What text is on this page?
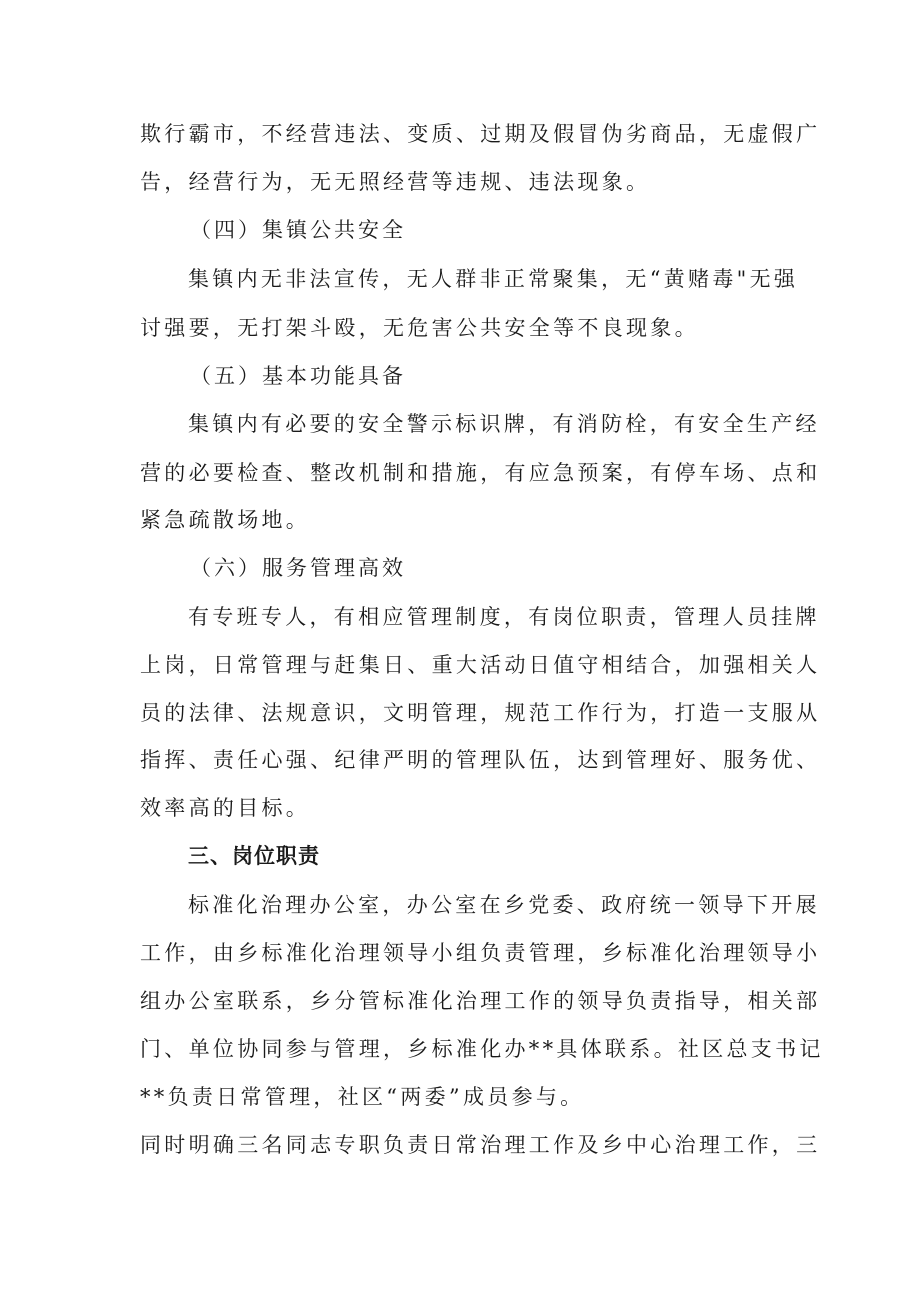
欺行霸市，不经营违法、变质、过期及假冒伪劣商品，无虚假广
告，经营行为，无无照经营等违规、违法现象。
（四）集镇公共安全
集镇内无非法宣传，无人群非正常聚集，无“黄赌毒"无强
讨强要，无打架斗殴，无危害公共安全等不良现象。
（五）基本功能具备
集镇内有必要的安全警示标识牌，有消防栓，有安全生产经
营的必要检查、整改机制和措施，有应急预案，有停车场、点和
紧急疏散场地。
（六）服务管理高效
有专班专人，有相应管理制度，有岗位职责，管理人员挂牌
上岗，日常管理与赶集日、重大活动日值守相结合，加强相关人
员的法律、法规意识，文明管理，规范工作行为，打造一支服从
指挥、责任心强、纪律严明的管理队伍，达到管理好、服务优、
效率高的目标。
三、岗位职责
标准化治理办公室，办公室在乡党委、政府统一领导下开展
工作，由乡标准化治理领导小组负责管理，乡标准化治理领导小
组办公室联系，乡分管标准化治理工作的领导负责指导，相关部
门、单位协同参与管理，乡标准化办**具体联系。社区总支书记
**负责日常管理，社区“两委”成员参与。
同时明确三名同志专职负责日常治理工作及乡中心治理工作，三
